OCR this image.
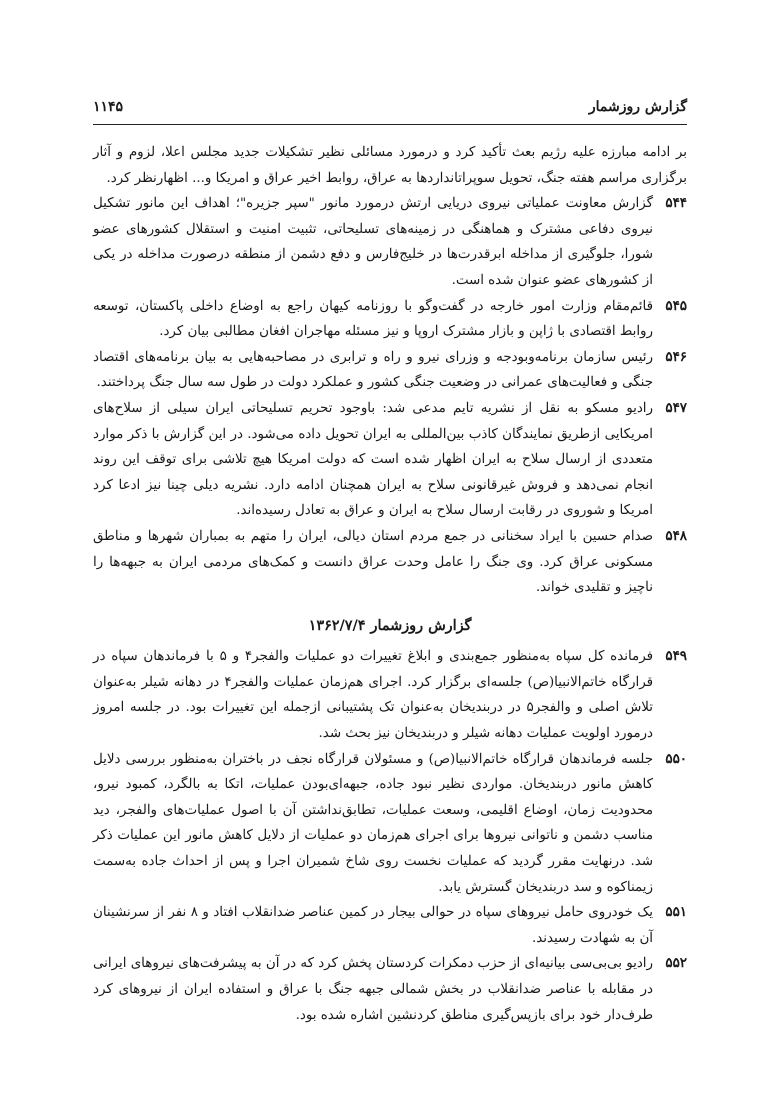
گزارش روزشمار
۱۱۴۵

بر ادامه مبارزه علیه رژیم بعث تأکید کرد و درمورد مسائلی نظیر تشکیلات جدید مجلس اعلا، لزوم و آثار برگزاری مراسم هفته جنگ، تحویل سوپراتاندارد‌ها به عراق، روابط اخیر عراق و امریکا و... اظهارنظر کرد.

۵۴۴
گزارش معاونت عملیاتی نیروی دریایی ارتش درمورد مانور "سپر جزیره"؛ اهداف این مانور تشکیل نیروی دفاعی مشترک و هماهنگی در زمینه‌های تسلیحاتی، تثبیت امنیت و استقلال کشورهای عضو شورا، جلوگیری از مداخله ابرقدرت‌ها در خلیج‌فارس و دفع دشمن از منطقه درصورت مداخله در یکی از کشورهای عضو عنوان شده است.
۵۴۵
قائم‌مقام وزارت امور خارجه در گفت‌وگو با روزنامه کیهان راجع به اوضاع داخلی پاکستان، توسعه روابط اقتصادی با ژاپن و بازار مشترک اروپا و نیز مسئله مهاجران افغان مطالبی بیان کرد.
۵۴۶
رئیس سازمان برنامه‌وبودجه و وزرای نیرو و راه و ترابری در مصاحبه‌هایی به بیان برنامه‌های اقتصاد جنگی و فعالیت‌های عمرانی در وضعیت جنگی کشور و عملکرد دولت در طول سه سال جنگ پرداختند.
۵۴۷
رادیو مسکو به نقل از نشریه تایم مدعی شد: باوجود تحریم تسلیحاتی ایران سیلی از سلاح‌های امریکایی ازطریق نمایندگان کاذب بین‌المللی به ایران تحویل داده می‌شود. در این گزارش با ذکر موارد متعددی از ارسال سلاح به ایران اظهار شده است که دولت امریکا هیچ تلاشی برای توقف این روند انجام نمی‌دهد و فروش غیرقانونی سلاح به ایران همچنان ادامه دارد. نشریه دیلی چینا نیز ادعا کرد امریکا و شوروی در رقابت ارسال سلاح به ایران و عراق به تعادل رسیده‌اند.
۵۴۸
صدام حسین با ایراد سخنانی در جمع مردم استان دیالی، ایران را متهم به بمباران شهرها و مناطق مسکونی عراق کرد. وی جنگ را عامل وحدت عراق دانست و کمک‌های مردمی ایران به جبهه‌ها را ناچیز و تقلیدی خواند.
گزارش روزشمار ۱۳۶۲/۷/۴
۵۴۹
فرمانده کل سپاه به‌منظور جمع‌بندی و ابلاغ تغییرات دو عملیات والفجر۴ و ۵ با فرماندهان سپاه در قرارگاه خاتم‌الانبیا(ص) جلسه‌ای برگزار کرد. اجرای هم‌زمان عملیات والفجر۴ در دهانه شیلر به‌عنوان تلاش اصلی و والفجر۵ در دربندیخان به‌عنوان تک پشتیبانی ازجمله این تغییرات بود. در جلسه امروز درمورد اولویت عملیات دهانه شیلر و دربندیخان نیز بحث شد.
۵۵۰
جلسه فرماندهان قرارگاه خاتم‌الانبیا(ص) و مسئولان قرارگاه نجف در باختران به‌منظور بررسی دلایل کاهش مانور دربندیخان. مواردی نظیر نبود جاده، جبهه‌ای‌بودن عملیات، اتکا به بالگرد، کمبود نیرو، محدودیت زمان، اوضاع اقلیمی، وسعت عملیات، تطابق‌نداشتن آن با اصول عملیات‌های والفجر، دید مناسب دشمن و ناتوانی نیروها برای اجرای هم‌زمان دو عملیات از دلایل کاهش مانور این عملیات ذکر شد. درنهایت مقرر گردید که عملیات نخست روی شاخ شمیران اجرا و پس از احداث جاده به‌سمت زیمناکوه و سد دربندیخان گسترش یابد.
۵۵۱
یک خودروی حامل نیروهای سپاه در حوالی بیجار در کمین عناصر ضدانقلاب افتاد و ۸ نفر از سرنشینان آن به شهادت رسیدند.
۵۵۲
رادیو بی‌بی‌سی بیانیه‌ای از حزب دمکرات کردستان پخش کرد که در آن به پیشرفت‌های نیروهای ایرانی در مقابله با عناصر ضدانقلاب در بخش شمالی جبهه جنگ با عراق و استفاده ایران از نیروهای کرد طرف‌دار خود برای بازپس‌گیری مناطق کردنشین اشاره شده بود.
